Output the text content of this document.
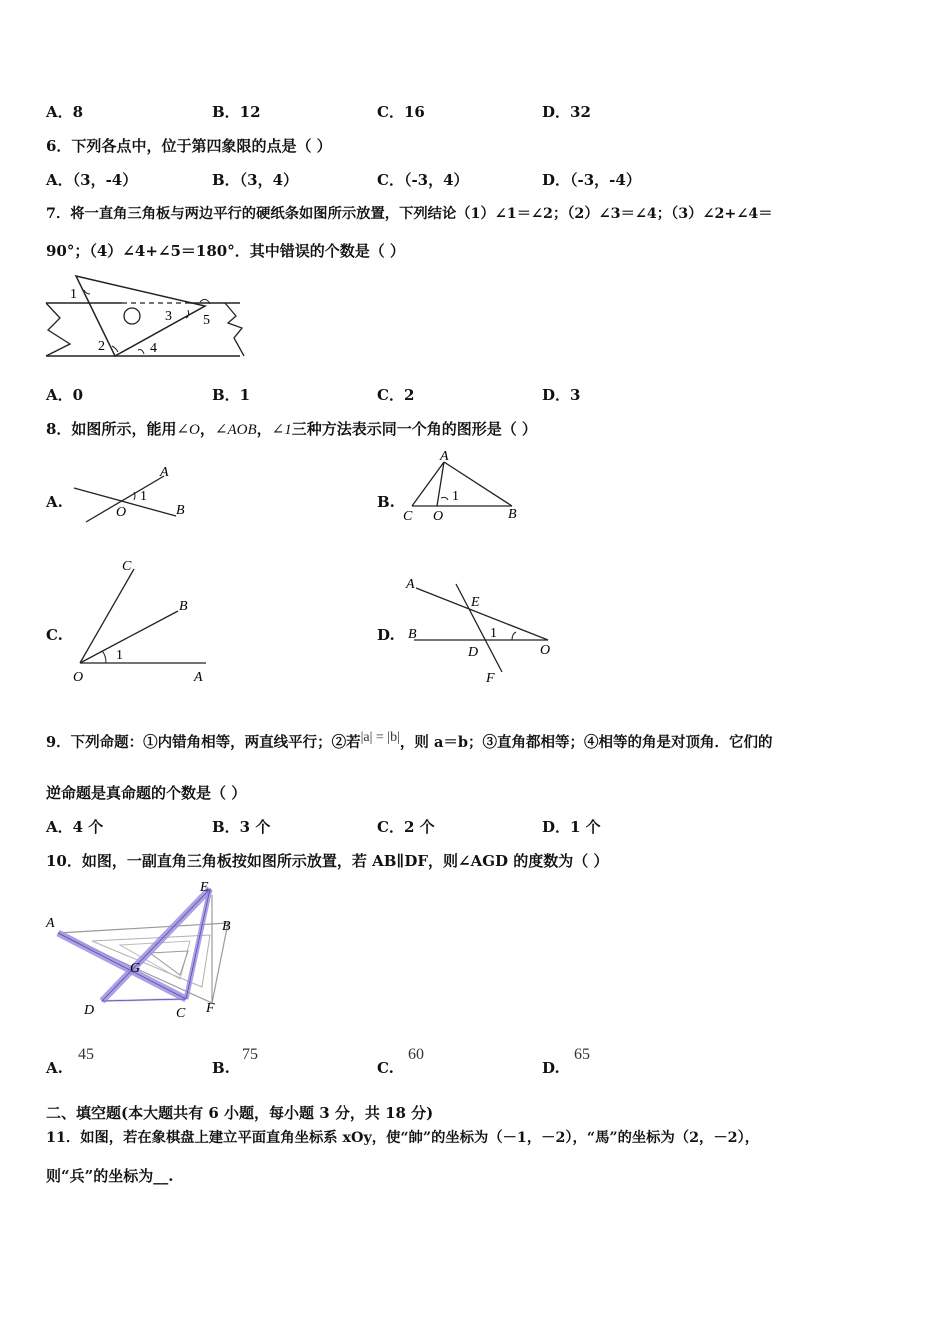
A．8	B．12	C．16	D．32
6．下列各点中，位于第四象限的点是（ ）
A．（3，-4）	B．（3，4）	C．（-3，4）	D．（-3，-4）
7．将一直角三角板与两边平行的硬纸条如图所示放置，下列结论（1）∠1＝∠2；（2）∠3＝∠4；（3）∠2+∠4＝
90°；（4）∠4+∠5＝180°．其中错误的个数是（ ）
1
2
3
4
5
A．0	B．1	C．2	D．3
8．如图所示，能用∠O，∠AOB，∠1三种方法表示同一个角的图形是（ ）
A.
A
1
O	B	B.
A
1
C O	B
C.
C
B
1
O	A
D.
A
E
B	1
D	O
F
9．下列命题：①内错角相等，两直线平行；②若|a| = |b|，则 a＝b；③直角都相等；④相等的角是对顶角．它们的
逆命题是真命题的个数是（ ）
A．4 个	B．3 个	C．2 个	D．1 个
10．如图，一副直角三角板按如图所示放置，若 AB∥DF，则∠AGD 的度数为（ ）
E
A	B
G
D	C F
A.
45
B.
75
C.
60
D.
65
二、填空题(本大题共有 6 小题，每小题 3 分，共 18 分)
11．如图，若在象棋盘上建立平面直角坐标系 xOy，使“帥”的坐标为（－1，－2），“馬”的坐标为（2，－2），
则“兵”的坐标为__.
